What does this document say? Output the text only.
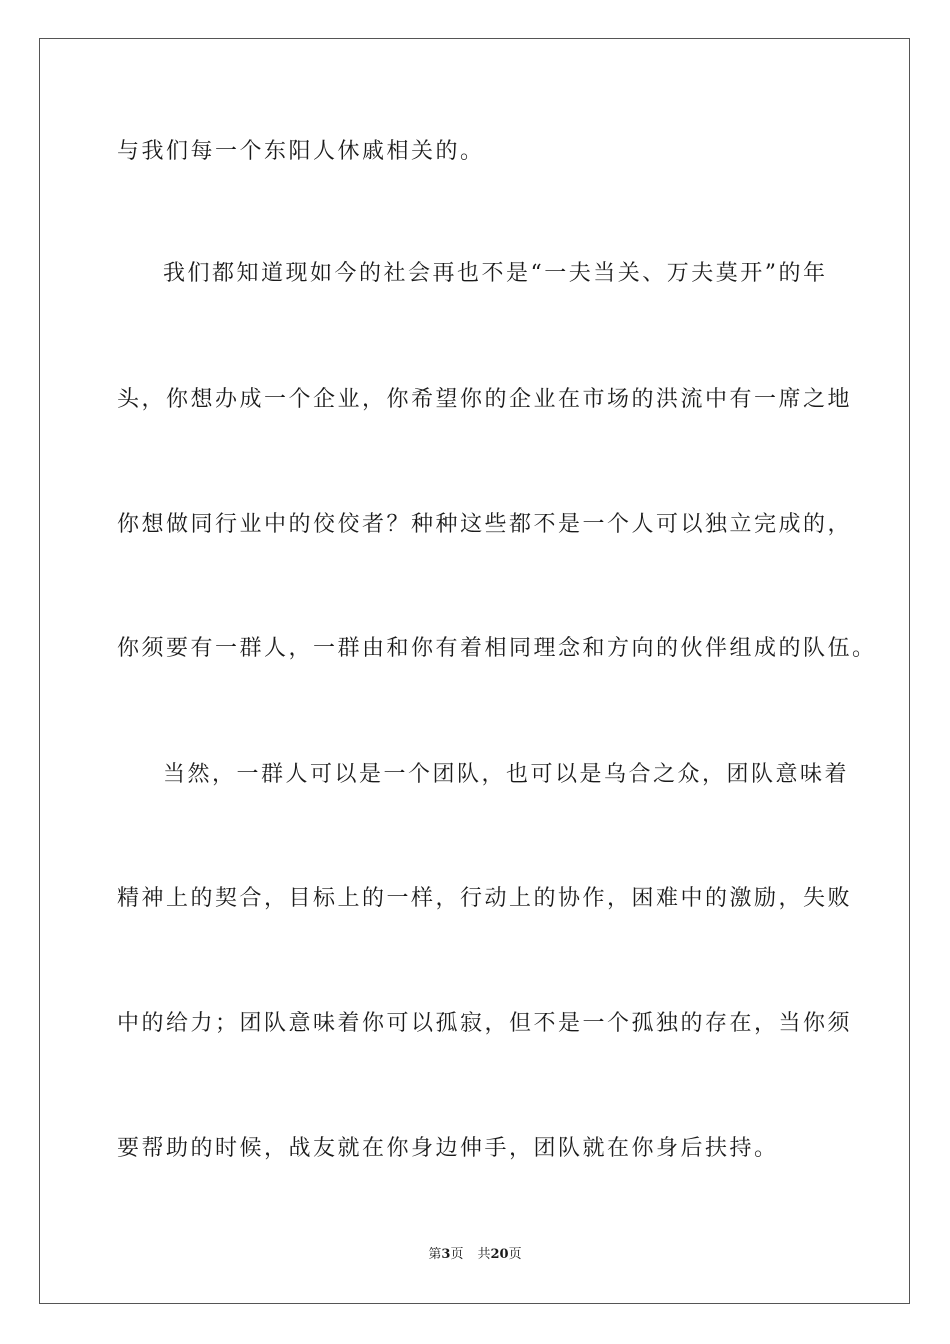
与我们每一个东阳人休戚相关的。

我们都知道现如今的社会再也不是“一夫当关、万夫莫开”的年

头，你想办成一个企业，你希望你的企业在市场的洪流中有一席之地

你想做同行业中的佼佼者？种种这些都不是一个人可以独立完成的，

你须要有一群人，一群由和你有着相同理念和方向的伙伴组成的队伍。

当然，一群人可以是一个团队，也可以是乌合之众，团队意味着

精神上的契合，目标上的一样，行动上的协作，困难中的激励，失败

中的给力；团队意味着你可以孤寂，但不是一个孤独的存在，当你须

要帮助的时候，战友就在你身边伸手，团队就在你身后扶持。

第3页 共20页
